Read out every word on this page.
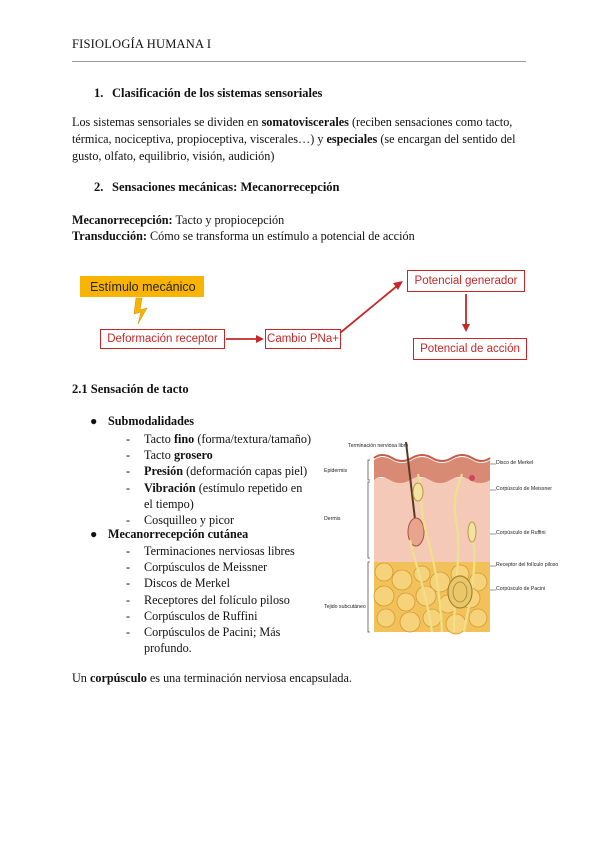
FISIOLOGÍA HUMANA I
1. Clasificación de los sistemas sensoriales
Los sistemas sensoriales se dividen en somatoviscerales (reciben sensaciones como tacto, térmica, nociceptiva, propioceptiva, viscerales…) y especiales (se encargan del sentido del gusto, olfato, equilibrio, visión, audición)
2. Sensaciones mecánicas: Mecanorrecepción
Mecanorrecepción: Tacto y propiocepción
Transducción: Cómo se transforma un estímulo a potencial de acción
Estímulo mecánico
Deformación receptor	Cambio PNa+
Potencial generador
Potencial de acción
2.1 Sensación de tacto
● Submodalidades
- Tacto fino (forma/textura/tamaño)
- Tacto grosero
- Presión (deformación capas piel)
- Vibración (estímulo repetido en
el tiempo)
- Cosquilleo y picor
● Mecanorrecepción cutánea
- Terminaciones nerviosas libres
- Corpúsculos de Meissner
- Discos de Merkel
- Receptores del folículo piloso
- Corpúsculos de Ruffini
- Corpúsculos de Pacini; Más
profundo.
Un corpúsculo es una terminación nerviosa encapsulada.
Terminación nerviosa libre
Epidermis
Dermis
Tejido subcutáneo
Disco de Merkel
Corpúsculo de Meissner
Corpúsculo de Ruffini
Receptor del folículo piloso
Corpúsculo de Pacini
